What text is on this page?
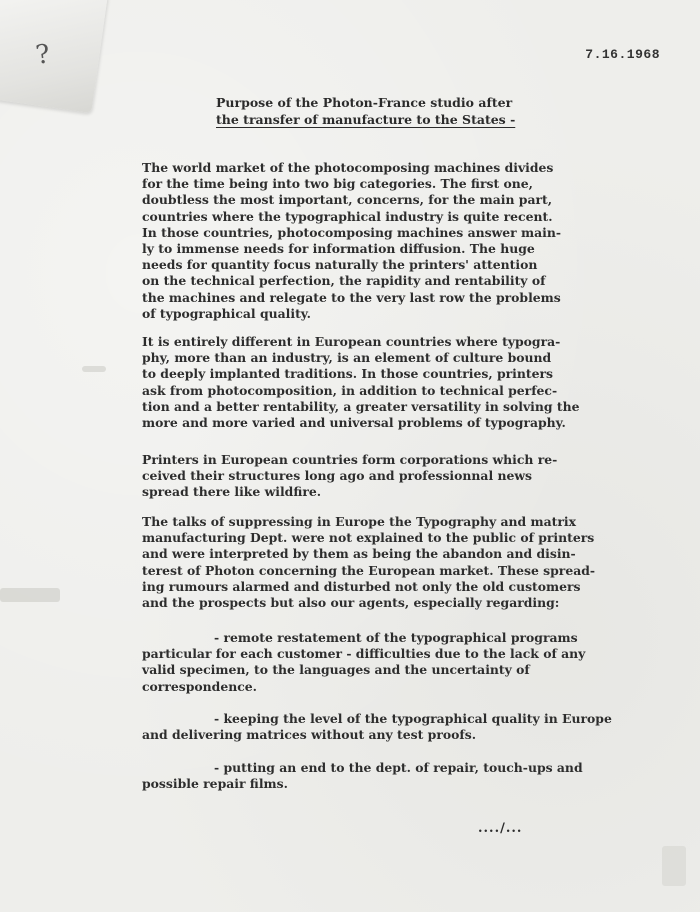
?	7.16.1968
Purpose of the Photon-France studio after
the transfer of manufacture to the States -
The world market of the photocomposing machines divides
for the time being into two big categories. The first one,
doubtless the most important, concerns, for the main part,
countries where the typographical industry is quite recent.
In those countries, photocomposing machines answer main-
ly to immense needs for information diffusion. The huge
needs for quantity focus naturally the printers' attention
on the technical perfection, the rapidity and rentability of
the machines and relegate to the very last row the problems
of typographical quality.
It is entirely different in European countries where typogra-
phy, more than an industry, is an element of culture bound
to deeply implanted traditions. In those countries, printers
ask from photocomposition, in addition to technical perfec-
tion and a better rentability, a greater versatility in solving the
more and more varied and universal problems of typography.
Printers in European countries form corporations which re-
ceived their structures long ago and professionnal news
spread there like wildfire.
The talks of suppressing in Europe the Typography and matrix
manufacturing Dept. were not explained to the public of printers
and were interpreted by them as being the abandon and disin-
terest of Photon concerning the European market. These spread-
ing rumours alarmed and disturbed not only the old customers
and the prospects but also our agents, especially regarding:
- remote restatement of the typographical programs particular for each customer - difficulties due to the lack of any valid specimen, to the languages and the uncertainty of correspondence.
- keeping the level of the typographical quality in Europe and delivering matrices without any test proofs.
- putting an end to the dept. of repair, touch-ups and possible repair films.
..../...
